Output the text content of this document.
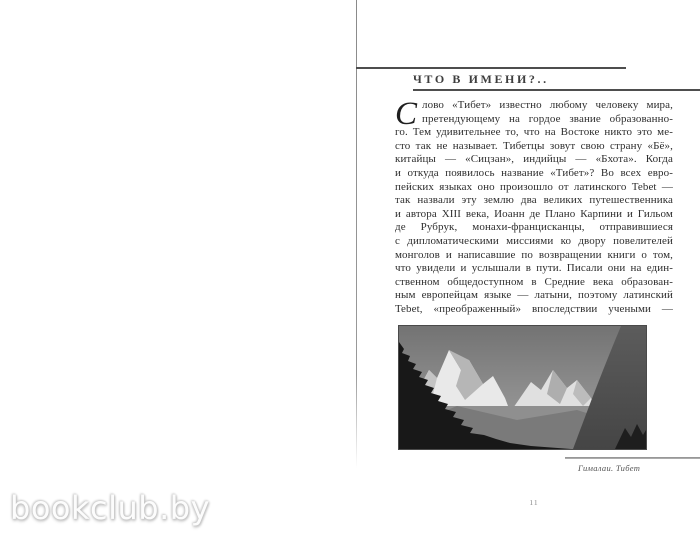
ЧТО В ИМЕНИ?..
С лово «Тибет» известно любому человеку мира,
претендующему на гордое звание образованно-
го. Тем удивительнее то, что на Востоке никто это ме-
сто так не называет. Тибетцы зовут свою страну «Бё»,
китайцы — «Сицзан», индийцы — «Бхота». Когда
и откуда появилось название «Тибет»? Во всех евро-
пейских языках оно произошло от латинского Tebet —
так назвали эту землю два великих путешественника
и автора XIII века, Иоанн де Плано Карпини и Гильом
де Рубрук, монахи-францисканцы, отправившиеся
с дипломатическими миссиями ко двору повелителей
монголов и написавшие по возвращении книги о том,
что увидели и услышали в пути. Писали они на един-
ственном общедоступном в Средние века образован-
ным европейцам языке — латыни, поэтому латинский
Tebet, «преображенный» впоследствии учеными —
Гималаи. Тибет
11
bookclub.by
